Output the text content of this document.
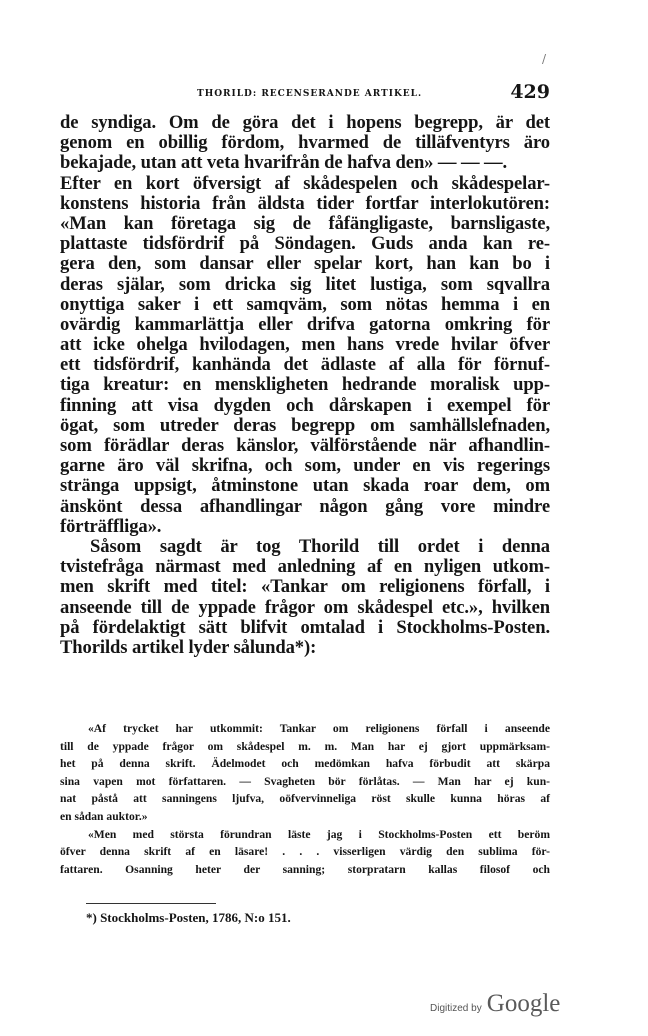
/
THORILD: RECENSERANDE ARTIKEL.	429
de syndiga. Om de göra det i hopens begrepp, är det
genom en obillig fördom, hvarmed de tilläfventyrs äro
bekajade, utan att veta hvarifrån de hafva den» — — —.
Efter en kort öfversigt af skådespelen och skådespelar-
konstens historia från äldsta tider fortfar interlokutören:
«Man kan företaga sig de fåfängligaste, barnsligaste,
plattaste tidsfördrif på Söndagen. Guds anda kan re-
gera den, som dansar eller spelar kort, han kan bo i
deras själar, som dricka sig litet lustiga, som sqvallra
onyttiga saker i ett samqväm, som nötas hemma i en
ovärdig kammarlättja eller drifva gatorna omkring för
att icke ohelga hvilodagen, men hans vrede hvilar öfver
ett tidsfördrif, kanhända det ädlaste af alla för förnuf-
tiga kreatur: en menskligheten hedrande moralisk upp-
finning att visa dygden och dårskapen i exempel för
ögat, som utreder deras begrepp om samhällslefnaden,
som förädlar deras känslor, välförstående när afhandlin-
garne äro väl skrifna, och som, under en vis regerings
stränga uppsigt, åtminstone utan skada roar dem, om
änskönt dessa afhandlingar någon gång vore mindre
förträffliga».
Såsom sagdt är tog Thorild till ordet i denna
tvistefråga närmast med anledning af en nyligen utkom-
men skrift med titel: «Tankar om religionens förfall, i
anseende till de yppade frågor om skådespel etc.», hvilken
på fördelaktigt sätt blifvit omtalad i Stockholms-Posten.
Thorilds artikel lyder sålunda*):
«Af trycket har utkommit: Tankar om religionens förfall i anseende
till de yppade frågor om skådespel m. m. Man har ej gjort uppmärksam-
het på denna skrift. Ädelmodet och medömkan hafva förbudit att skärpa
sina vapen mot författaren. — Svagheten bör förlåtas. — Man har ej kun-
nat påstå att sanningens ljufva, oöfvervinneliga röst skulle kunna höras af
en sådan auktor.»
«Men med största förundran läste jag i Stockholms-Posten ett beröm
öfver denna skrift af en läsare! . . . visserligen värdig den sublima för-
fattaren. Osanning heter der sanning; storpratarn kallas filosof och
*) Stockholms-Posten, 1786, N:o 151.
Digitized by Google
